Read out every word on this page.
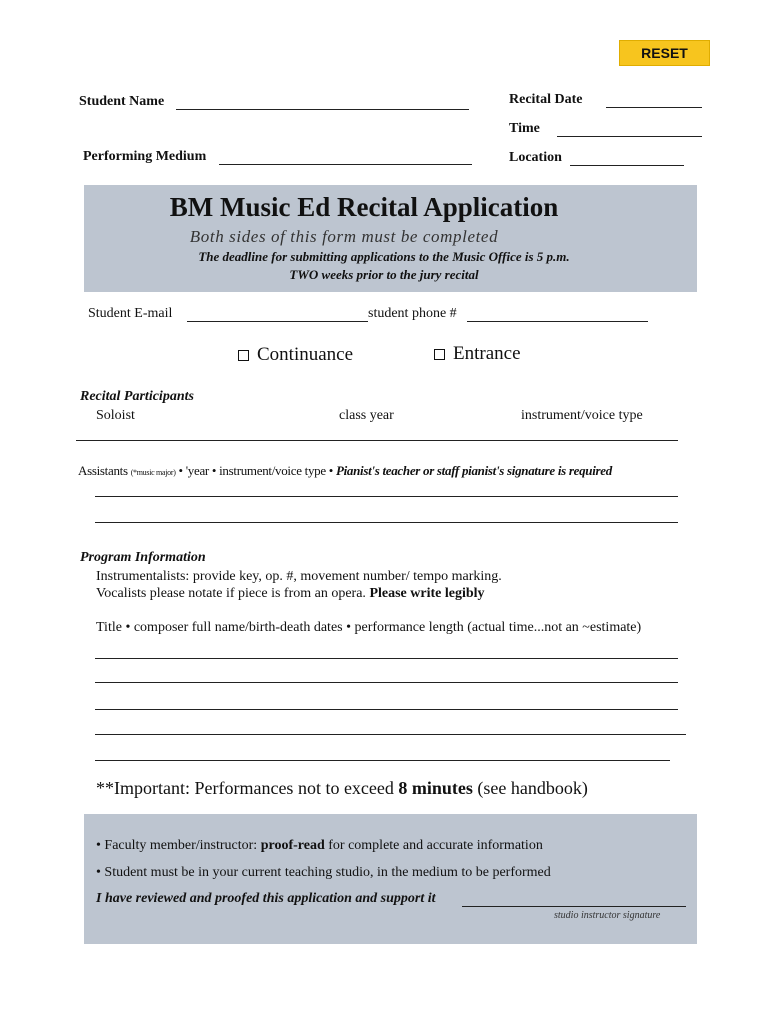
RESET
Student Name
Performing Medium
Recital Date
Time
Location
BM Music Ed Recital Application
Both sides of this form must be completed
The deadline for submitting applications to the Music Office is 5 p.m.
TWO weeks prior to the jury recital
Student E-mail	student phone #
Continuance	Entrance
Recital Participants
Soloist	class year	instrument/voice type
Assistants (*music major) • 'year • instrument/voice type • Pianist's teacher or staff pianist's signature is required
Program Information
Instrumentalists: provide key, op. #, movement number/ tempo marking.
Vocalists please notate if piece is from an opera. Please write legibly
Title • composer full name/birth-death dates • performance length (actual time...not an ~estimate)
**Important: Performances not to exceed 8 minutes (see handbook)
• Faculty member/instructor: proof-read for complete and accurate information
• Student must be in your current teaching studio, in the medium to be performed
I have reviewed and proofed this application and support it
studio instructor signature
